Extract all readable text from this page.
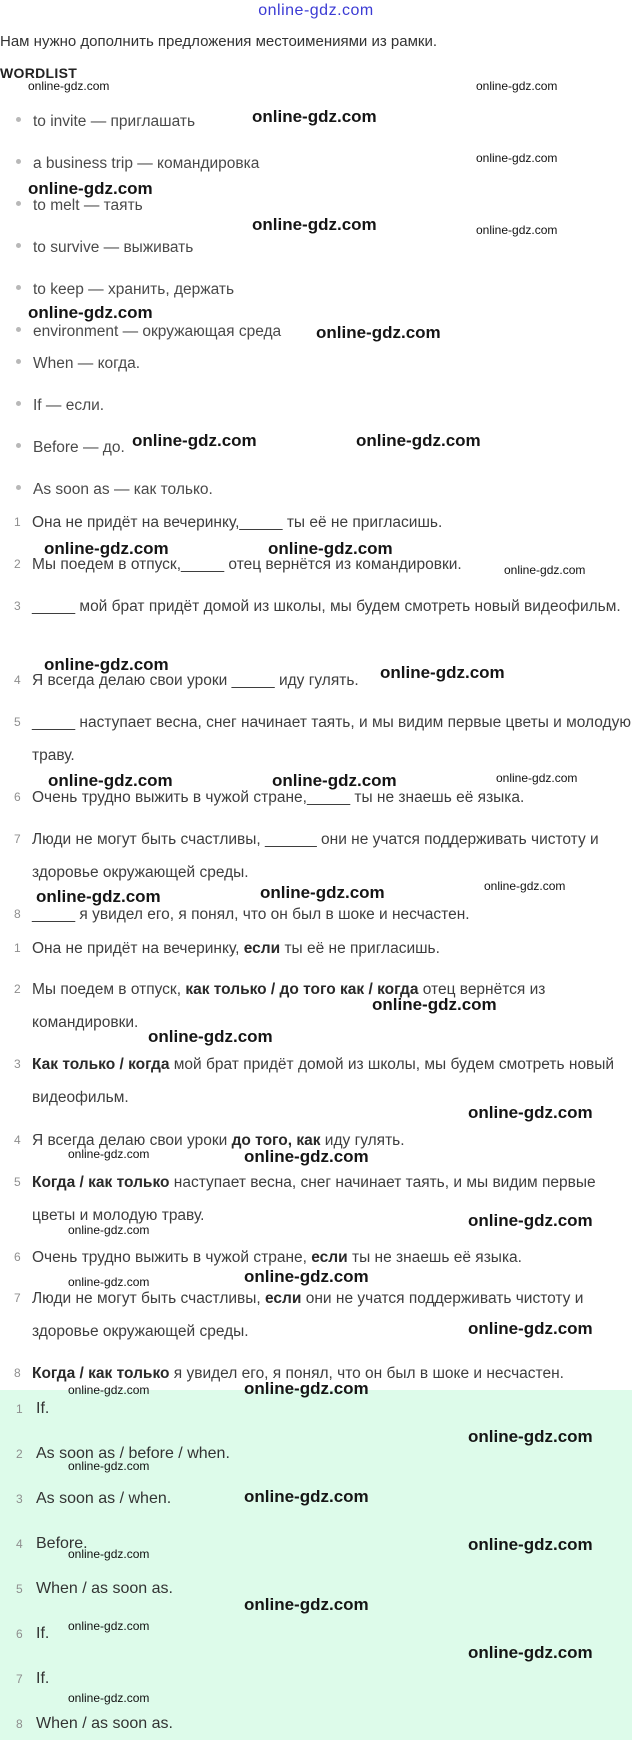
online-gdz.com
Нам нужно дополнить предложения местоимениями из рамки.
WORDLIST
to invite — приглашать
a business trip — командировка
to melt — таять
to survive — выживать
to keep — хранить, держать
environment — окружающая среда
When — когда.
If — если.
Before — до.
As soon as — как только.
1 Она не придёт на вечеринку,_____ ты её не пригласишь.
2 Мы поедем в отпуск,_____ отец вернётся из командировки.
3 _____ мой брат придёт домой из школы, мы будем смотреть новый видеофильм.
4 Я всегда делаю свои уроки _____ иду гулять.
5 _____ наступает весна, снег начинает таять, и мы видим первые цветы и молодую траву.
6 Очень трудно выжить в чужой стране,_____ ты не знаешь её языка.
7 Люди не могут быть счастливы, ______ они не учатся поддерживать чистоту и здоровье окружающей среды.
8 _____ я увидел его, я понял, что он был в шоке и несчастен.
1 Она не придёт на вечеринку, если ты её не пригласишь.
2 Мы поедем в отпуск, как только / до того как / когда отец вернётся из командировки.
3 Как только / когда мой брат придёт домой из школы, мы будем смотреть новый видеофильм.
4 Я всегда делаю свои уроки до того, как иду гулять.
5 Когда / как только наступает весна, снег начинает таять, и мы видим первые цветы и молодую траву.
6 Очень трудно выжить в чужой стране, если ты не знаешь её языка.
7 Люди не могут быть счастливы, если они не учатся поддерживать чистоту и здоровье окружающей среды.
8 Когда / как только я увидел его, я понял, что он был в шоке и несчастен.
1 If.
2 As soon as / before / when.
3 As soon as / when.
4 Before.
5 When / as soon as.
6 If.
7 If.
8 When / as soon as.
online-gdz.com	online-gdz.com
online-gdz.com
online-gdz.com
online-gdz.com
online-gdz.com	online-gdz.com
online-gdz.com
online-gdz.com
online-gdz.com	online-gdz.com
online-gdz.com	online-gdz.com
online-gdz.com
online-gdz.com	online-gdz.com
online-gdz.com	online-gdz.com	online-gdz.com
online-gdz.com	online-gdz.com	online-gdz.com
online-gdz.com
online-gdz.com
online-gdz.com
online-gdz.com	online-gdz.com
online-gdz.com
online-gdz.com	online-gdz.com
online-gdz.com
online-gdz.com
online-gdz.com	online-gdz.com
online-gdz.com
online-gdz.com
online-gdz.com
online-gdz.com	online-gdz.com
online-gdz.com
online-gdz.com
online-gdz.com
online-gdz.com
